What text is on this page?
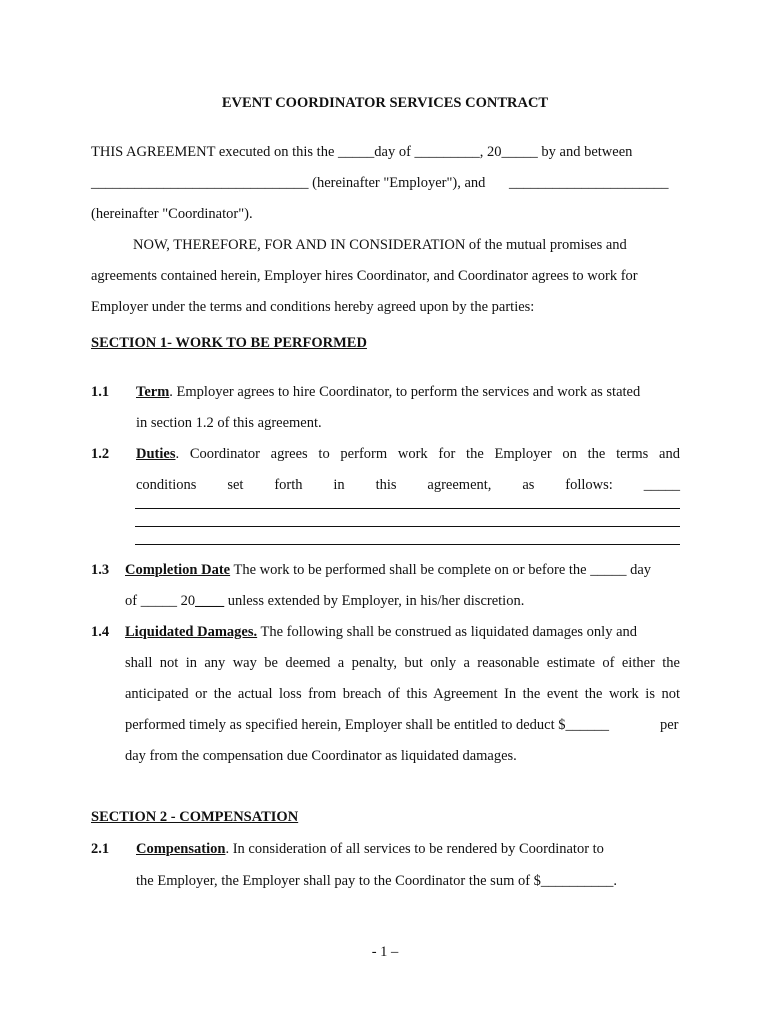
EVENT COORDINATOR SERVICES CONTRACT
THIS AGREEMENT executed on this the _____day of _________, 20_____ by and between
______________________________ (hereinafter "Employer"), and ______________________
(hereinafter "Coordinator").
NOW, THEREFORE, FOR AND IN CONSIDERATION of the mutual promises and
agreements contained herein, Employer hires Coordinator, and Coordinator agrees to work for
Employer under the terms and conditions hereby agreed upon by the parties:
SECTION 1- WORK TO BE PERFORMED
1.1 Term. Employer agrees to hire Coordinator, to perform the services and work as stated
in section 1.2 of this agreement.
1.2 Duties. Coordinator agrees to perform work for the Employer on the terms and
conditions set forth in this agreement, as follows: _____
1.3 Completion Date The work to be performed shall be complete on or before the _____ day
of _____ 20____ unless extended by Employer, in his/her discretion.
1.4 Liquidated Damages. The following shall be construed as liquidated damages only and
shall not in any way be deemed a penalty, but only a reasonable estimate of either the
anticipated or the actual loss from breach of this Agreement In the event the work is not
performed timely as specified herein, Employer shall be entitled to deduct $______	per
day from the compensation due Coordinator as liquidated damages.
SECTION 2 - COMPENSATION
2.1 Compensation. In consideration of all services to be rendered by Coordinator to
the Employer, the Employer shall pay to the Coordinator the sum of $__________.
- 1 –
